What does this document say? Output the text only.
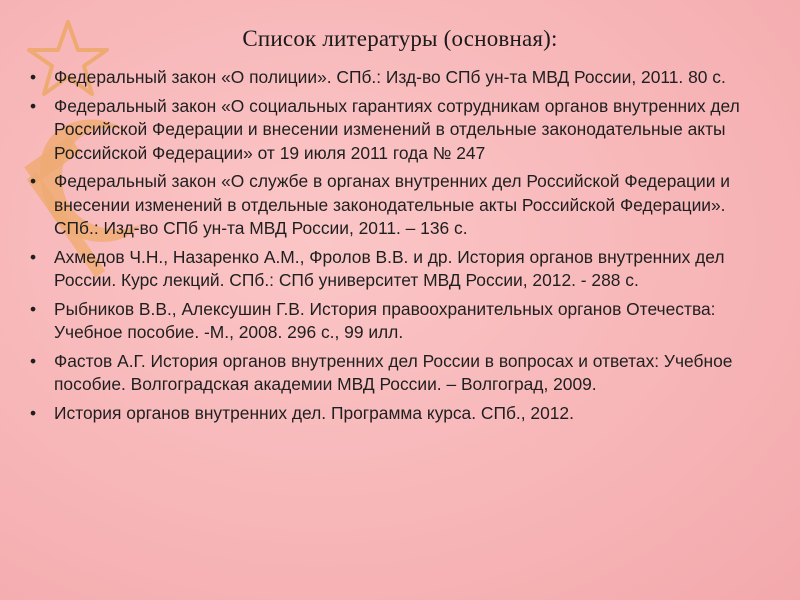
Список литературы (основная):
•	Федеральный закон «О полиции». СПб.: Изд-во СПб ун-та МВД России, 2011. 80 с.
•	Федеральный закон «О социальных гарантиях сотрудникам органов внутренних дел Российской Федерации и внесении изменений в отдельные законодательные акты Российской Федерации» от 19 июля 2011 года № 247
•	Федеральный закон «О службе в органах внутренних дел Российской Федерации и внесении изменений в отдельные законодательные акты Российской Федерации». СПб.: Изд-во СПб ун-та МВД России, 2011. – 136 с.
•	Ахмедов Ч.Н., Назаренко А.М., Фролов В.В. и др. История органов внутренних дел России. Курс лекций. СПб.: СПб университет МВД России, 2012. - 288 с.
•	Рыбников В.В., Алексушин Г.В. История правоохранительных органов Отечества: Учебное пособие. -М., 2008. 296 с., 99 илл.
•	Фастов А.Г. История органов внутренних дел России в вопросах и ответах: Учебное пособие. Волгоградская академии МВД России. – Волгоград, 2009.
•	История органов внутренних дел. Программа курса. СПб., 2012.
